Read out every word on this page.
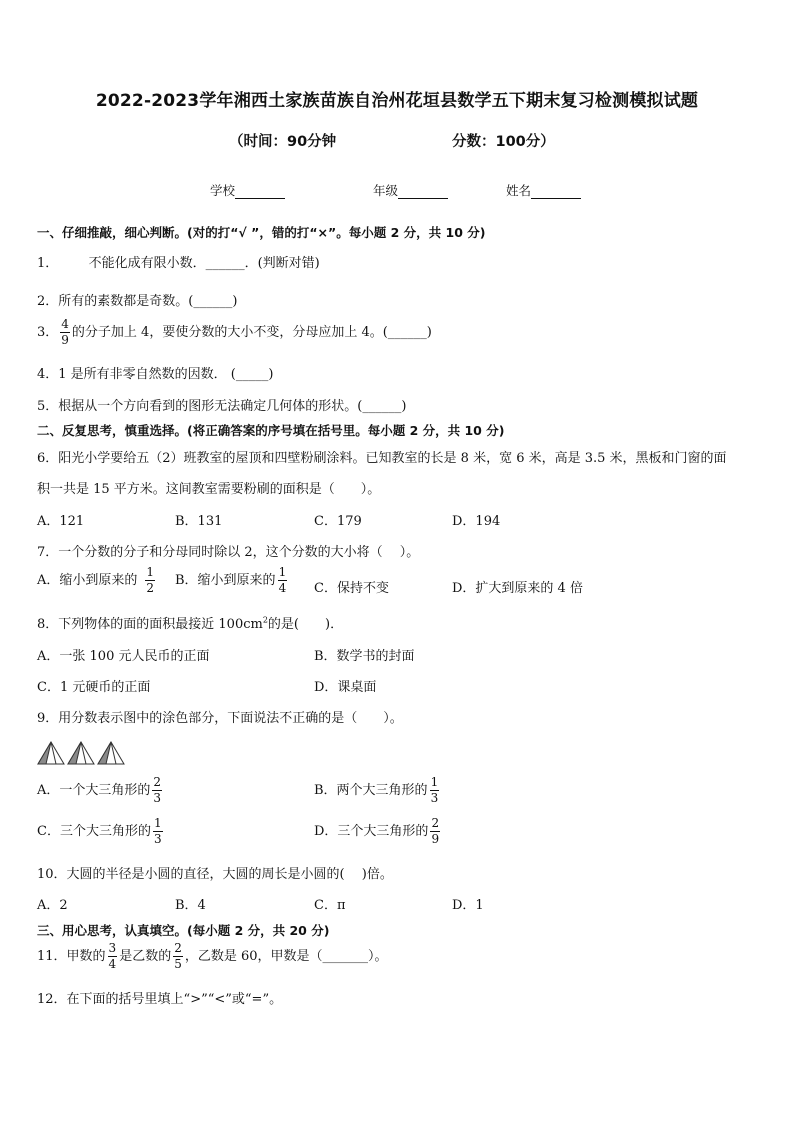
2022-2023学年湘西土家族苗族自治州花垣县数学五下期末复习检测模拟试题
（时间：90分钟	分数：100分）
学校	年级	姓名
一、仔细推敲，细心判断。(对的打“√ ”，错的打“×”。每小题 2 分，共 10 分)
1． 不能化成有限小数．______．(判断对错)
2．所有的素数都是奇数。(______)
3． $\frac{4}{9}$ 的分子加上 4，要使分数的大小不变，分母应加上 4。(______)
4．1 是所有非零自然数的因数． (_____)
5．根据从一个方向看到的图形无法确定几何体的形状。(______)
二、反复思考，慎重选择。(将正确答案的序号填在括号里。每小题 2 分，共 10 分)
6．阳光小学要给五（2）班教室的屋顶和四壁粉刷涂料。已知教室的长是 8 米，宽 6 米，高是 3.5 米，黑板和门窗的面
积一共是 15 平方米。这间教室需要粉刷的面积是（　　）。
A．121	B．131	C．179	D．194
7．一个分数的分子和分母同时除以 2，这个分数的大小将（　 ）。
A．缩小到原来的 $\frac{1}{2}$ B．缩小到原来的 $\frac{1}{4}$ C．保持不变	D．扩大到原来的 4 倍
8．下列物体的面的面积最接近 $100cm^2$的是(　　)．
A．一张 100 元人民币的正面	B．数学书的封面
C．1 元硬币的正面	D．课桌面
9．用分数表示图中的涂色部分，下面说法不正确的是（　　）。
A．一个大三角形的 $\frac{2}{3}$	B．两个大三角形的 $\frac{1}{3}$
C．三个大三角形的 $\frac{1}{3}$	D．三个大三角形的 $\frac{2}{9}$
10．大圆的半径是小圆的直径，大圆的周长是小圆的(　 )倍。
A．2	B．4	C．π	D．1
三、用心思考，认真填空。(每小题 2 分，共 20 分)
11．甲数的 $\frac{3}{4}$ 是乙数的 $\frac{2}{5}$ ，乙数是 60，甲数是（_______）。
12．在下面的括号里填上“>”“<”或“=”。
